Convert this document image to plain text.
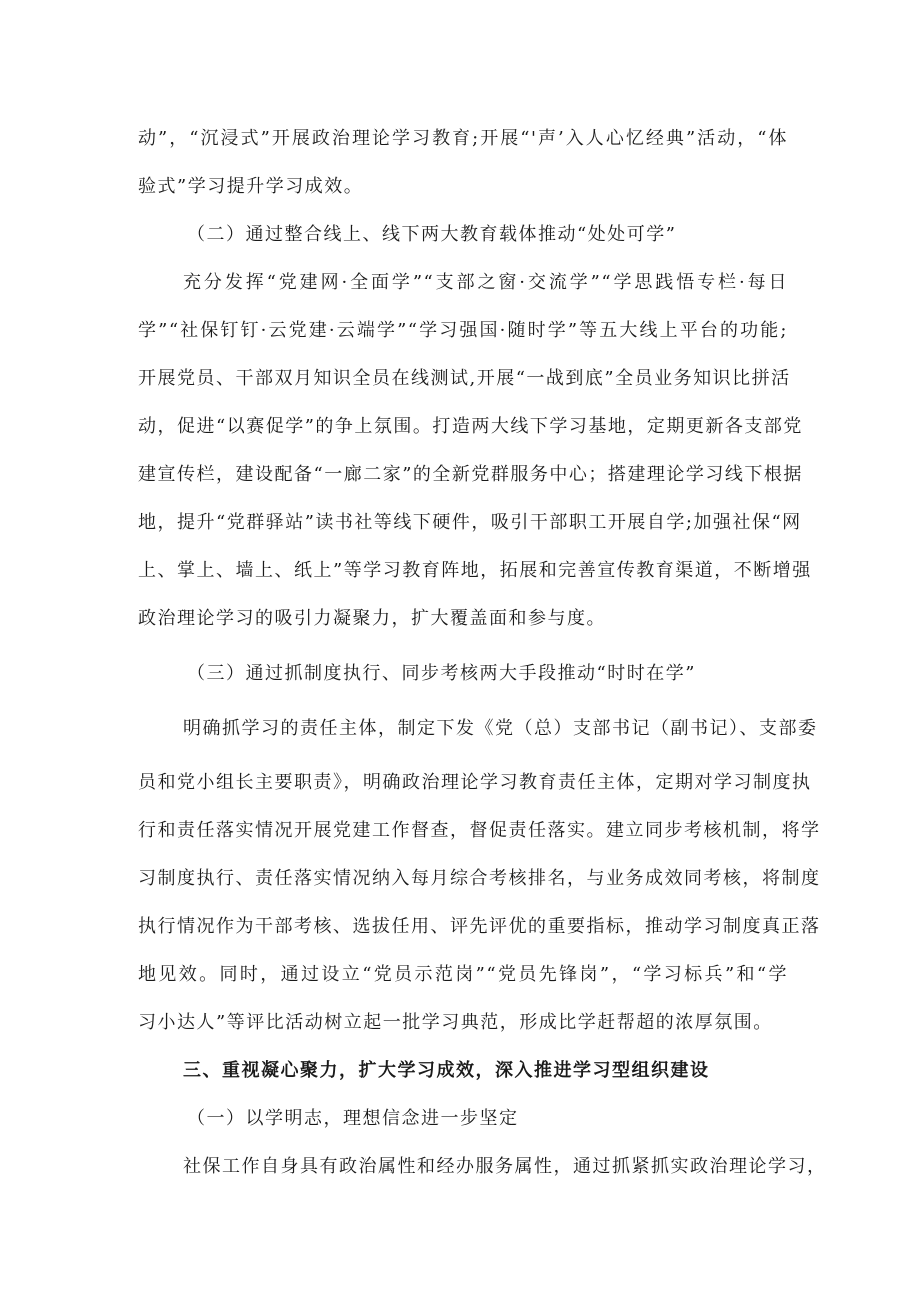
动”，“沉浸式”开展政治理论学习教育;开展“'声’入人心忆经典”活动，“体
验式”学习提升学习成效。
（二）通过整合线上、线下两大教育载体推动“处处可学”
充分发挥“党建网·全面学”“支部之窗·交流学”“学思践悟专栏·每日
学”“社保钉钉·云党建·云端学”“学习强国·随时学”等五大线上平台的功能;
开展党员、干部双月知识全员在线测试,开展“一战到底”全员业务知识比拼活
动，促进“以赛促学”的争上氛围。打造两大线下学习基地，定期更新各支部党
建宣传栏，建设配备“一廊二家”的全新党群服务中心；搭建理论学习线下根据
地，提升“党群驿站”读书社等线下硬件，吸引干部职工开展自学;加强社保“网
上、掌上、墙上、纸上”等学习教育阵地，拓展和完善宣传教育渠道，不断增强
政治理论学习的吸引力凝聚力，扩大覆盖面和参与度。
（三）通过抓制度执行、同步考核两大手段推动“时时在学”
明确抓学习的责任主体，制定下发《党（总）支部书记（副书记）、支部委
员和党小组长主要职责》，明确政治理论学习教育责任主体，定期对学习制度执
行和责任落实情况开展党建工作督查，督促责任落实。建立同步考核机制，将学
习制度执行、责任落实情况纳入每月综合考核排名，与业务成效同考核，将制度
执行情况作为干部考核、选拔任用、评先评优的重要指标，推动学习制度真正落
地见效。同时，通过设立“党员示范岗”“党员先锋岗”，“学习标兵”和“学
习小达人”等评比活动树立起一批学习典范，形成比学赶帮超的浓厚氛围。
三、重视凝心聚力，扩大学习成效，深入推进学习型组织建设
（一）以学明志，理想信念进一步坚定
社保工作自身具有政治属性和经办服务属性，通过抓紧抓实政治理论学习，
